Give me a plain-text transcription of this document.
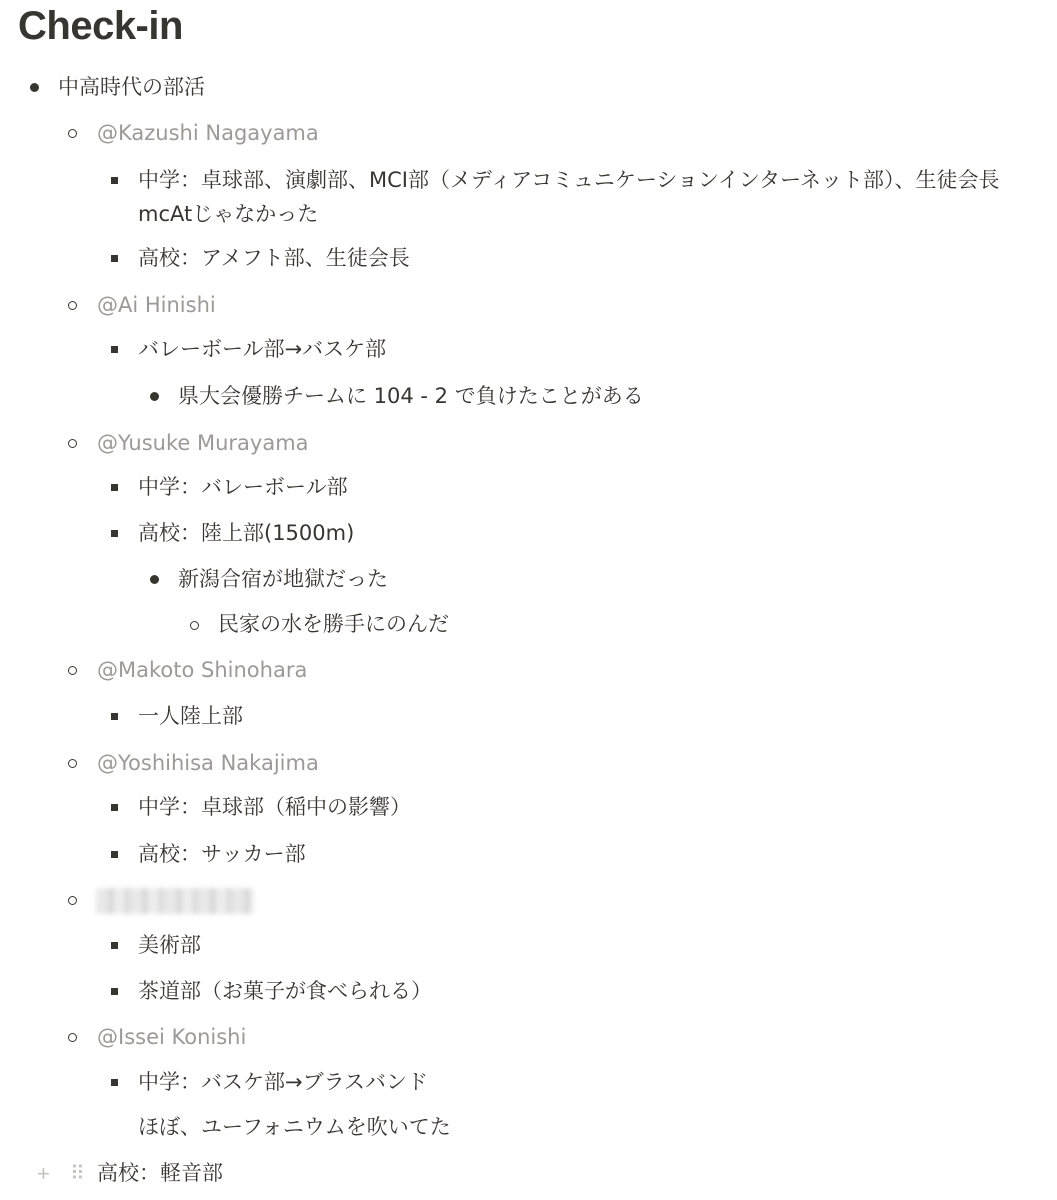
Check-in
中高時代の部活
@Kazushi Nagayama
中学：卓球部、演劇部、MCI部（メディアコミュニケーションインターネット部）、生徒会長 mcAtじゃなかった
高校：アメフト部、生徒会長
@Ai Hinishi
バレーボール部→バスケ部
県大会優勝チームに 104 - 2 で負けたことがある
@Yusuke Murayama
中学：バレーボール部
高校：陸上部(1500m)
新潟合宿が地獄だった
民家の水を勝手にのんだ
@Makoto Shinohara
一人陸上部
@Yoshihisa Nakajima
中学：卓球部（稲中の影響）
高校：サッカー部
美術部
茶道部（お菓子が食べられる）
@Issei Konishi
中学：バスケ部→ブラスバンド
ほぼ、ユーフォニウムを吹いてた
+ ⠿ 高校：軽音部
